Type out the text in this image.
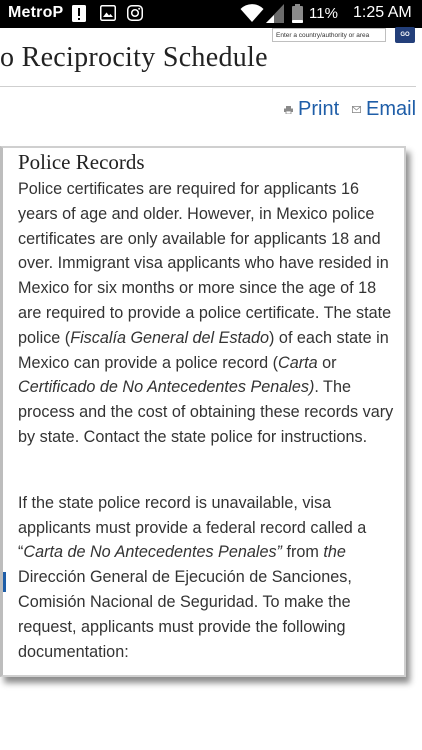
MetroP	11% 1:25 AM
Enter a country/authority or area
GO
o Reciprocity Schedule
Print Email
Police Records

Police certificates are required for applicants 16 years of age and older. However, in Mexico police certificates are only available for applicants 18 and over. Immigrant visa applicants who have resided in Mexico for six months or more since the age of 18 are required to provide a police certificate. The state police (Fiscalía General del Estado) of each state in Mexico can provide a police record (Carta or Certificado de No Antecedentes Penales). The process and the cost of obtaining these records vary by state. Contact the state police for instructions.

If the state police record is unavailable, visa applicants must provide a federal record called a “Carta de No Antecedentes Penales” from the Dirección General de Ejecución de Sanciones, Comisión Nacional de Seguridad. To make the request, applicants must provide the following documentation:
